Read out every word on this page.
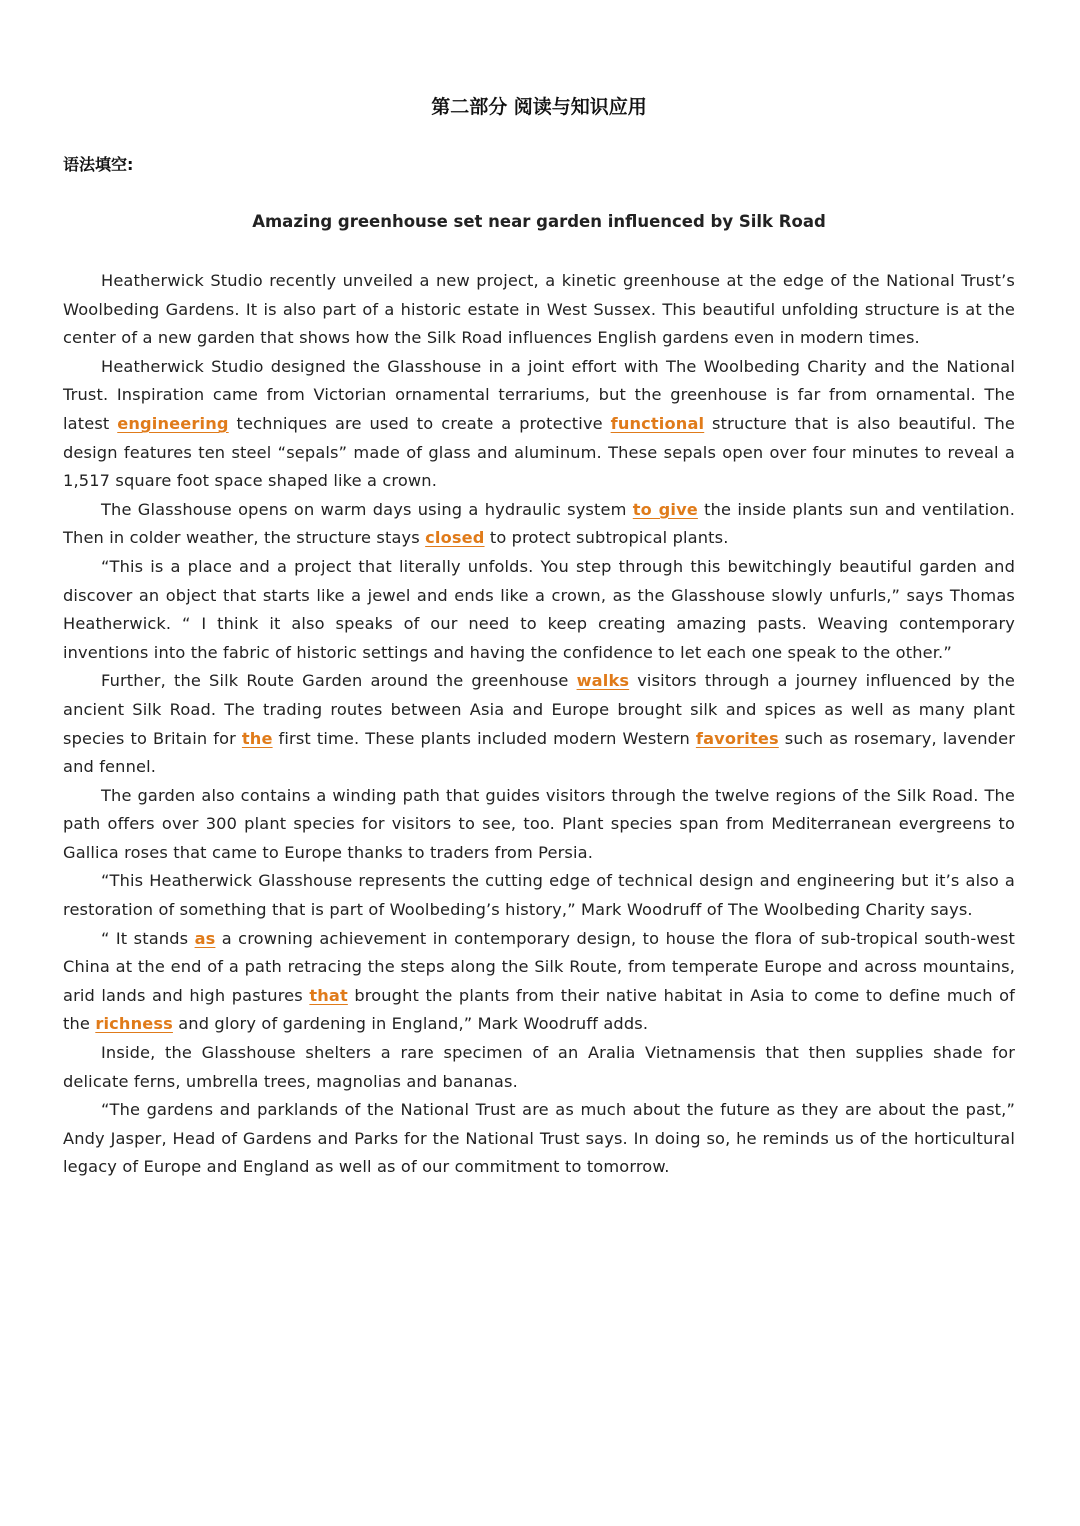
第二部分 阅读与知识应用
语法填空:
Amazing greenhouse set near garden influenced by Silk Road

Heatherwick Studio recently unveiled a new project, a kinetic greenhouse at the edge of the National Trust’s Woolbeding Gardens. It is also part of a historic estate in West Sussex. This beautiful unfolding structure is at the center of a new garden that shows how the Silk Road influences English gardens even in modern times.

Heatherwick Studio designed the Glasshouse in a joint effort with The Woolbeding Charity and the National Trust. Inspiration came from Victorian ornamental terrariums, but the greenhouse is far from ornamental. The latest engineering techniques are used to create a protective functional structure that is also beautiful. The design features ten steel “sepals” made of glass and aluminum. These sepals open over four minutes to reveal a 1,517 square foot space shaped like a crown.

The Glasshouse opens on warm days using a hydraulic system to give the inside plants sun and ventilation. Then in colder weather, the structure stays closed to protect subtropical plants.

“This is a place and a project that literally unfolds. You step through this bewitchingly beautiful garden and discover an object that starts like a jewel and ends like a crown, as the Glasshouse slowly unfurls,” says Thomas Heatherwick. “ I think it also speaks of our need to keep creating amazing pasts. Weaving contemporary inventions into the fabric of historic settings and having the confidence to let each one speak to the other.”

Further, the Silk Route Garden around the greenhouse walks visitors through a journey influenced by the ancient Silk Road. The trading routes between Asia and Europe brought silk and spices as well as many plant species to Britain for the first time. These plants included modern Western favorites such as rosemary, lavender and fennel.

The garden also contains a winding path that guides visitors through the twelve regions of the Silk Road. The path offers over 300 plant species for visitors to see, too. Plant species span from Mediterranean evergreens to Gallica roses that came to Europe thanks to traders from Persia.

“This Heatherwick Glasshouse represents the cutting edge of technical design and engineering but it’s also a restoration of something that is part of Woolbeding’s history,” Mark Woodruff of The Woolbeding Charity says.

“ It stands as a crowning achievement in contemporary design, to house the flora of sub-tropical south-west China at the end of a path retracing the steps along the Silk Route, from temperate Europe and across mountains, arid lands and high pastures that brought the plants from their native habitat in Asia to come to define much of the richness and glory of gardening in England,” Mark Woodruff adds.

Inside, the Glasshouse shelters a rare specimen of an Aralia Vietnamensis that then supplies shade for delicate ferns, umbrella trees, magnolias and bananas.

“The gardens and parklands of the National Trust are as much about the future as they are about the past,” Andy Jasper, Head of Gardens and Parks for the National Trust says. In doing so, he reminds us of the horticultural legacy of Europe and England as well as of our commitment to tomorrow.
